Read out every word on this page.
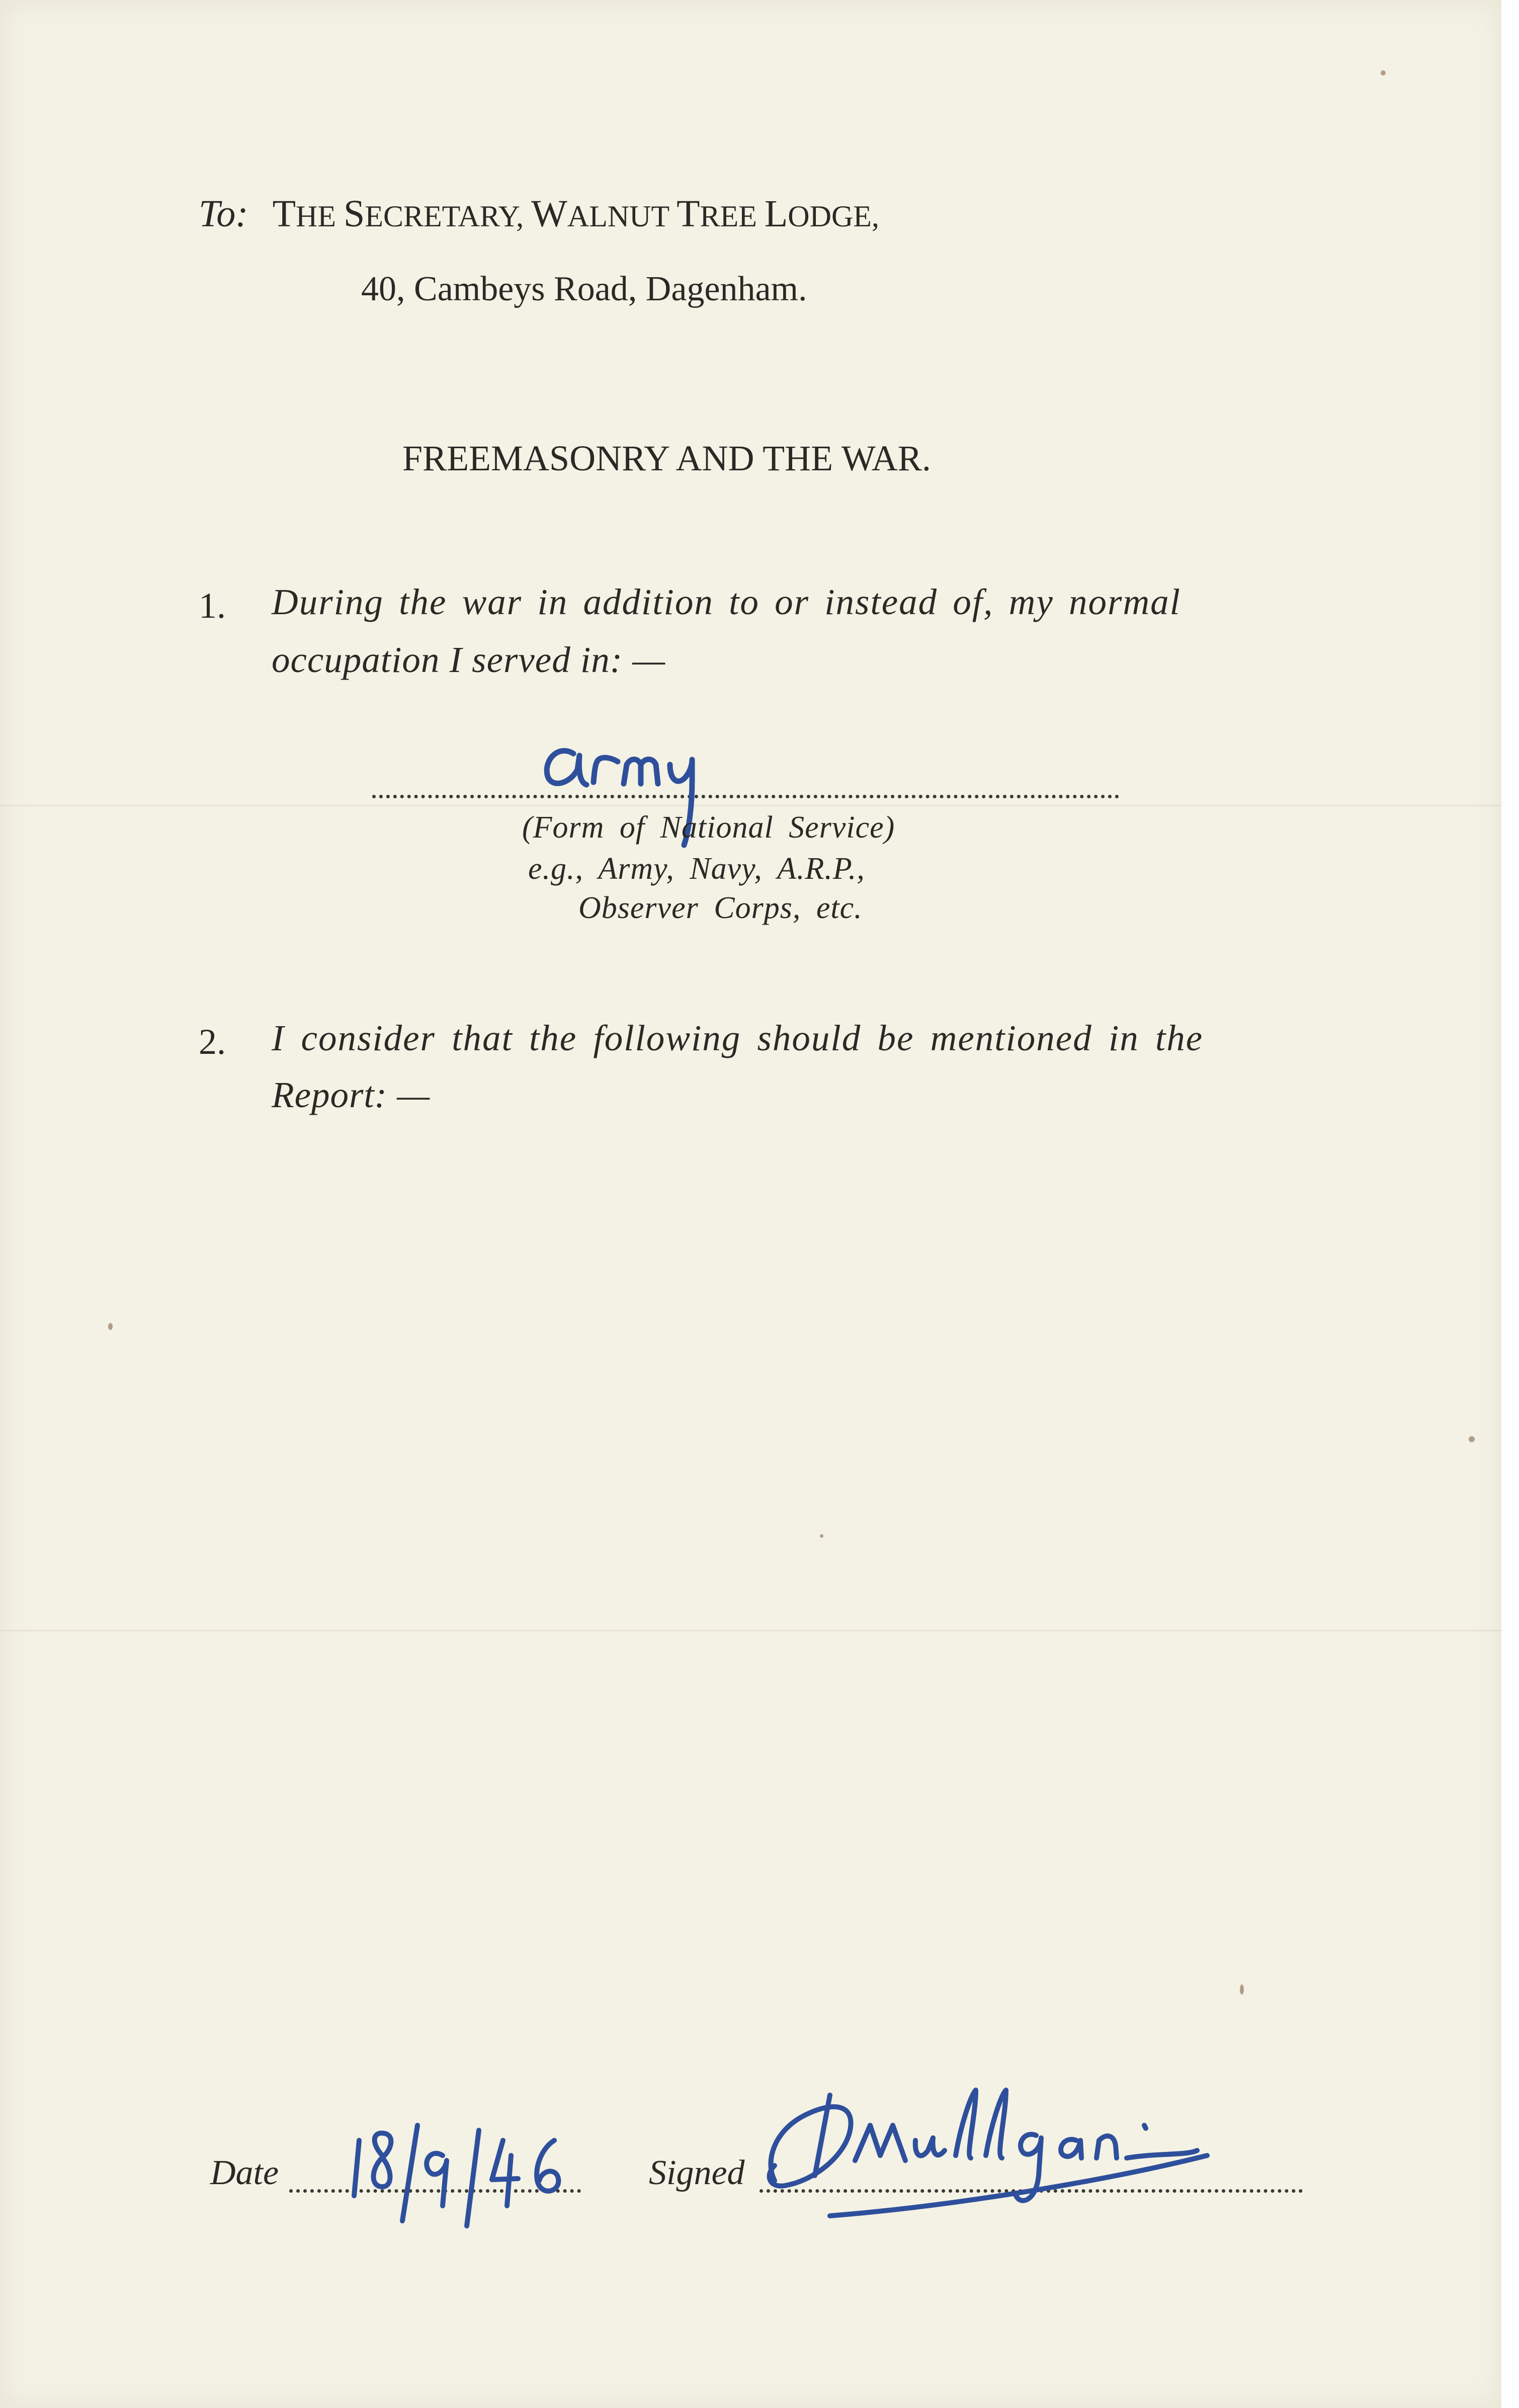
To: THE SECRETARY, WALNUT TREE LODGE,
40, Cambeys Road, Dagenham.
FREEMASONRY AND THE WAR.
1. During the war in addition to or instead of, my normal
occupation I served in: —
(Form of National Service)
e.g., Army, Navy, A.R.P.,
Observer Corps, etc.
2. I consider that the following should be mentioned in the
Report: —
Date	Signed
